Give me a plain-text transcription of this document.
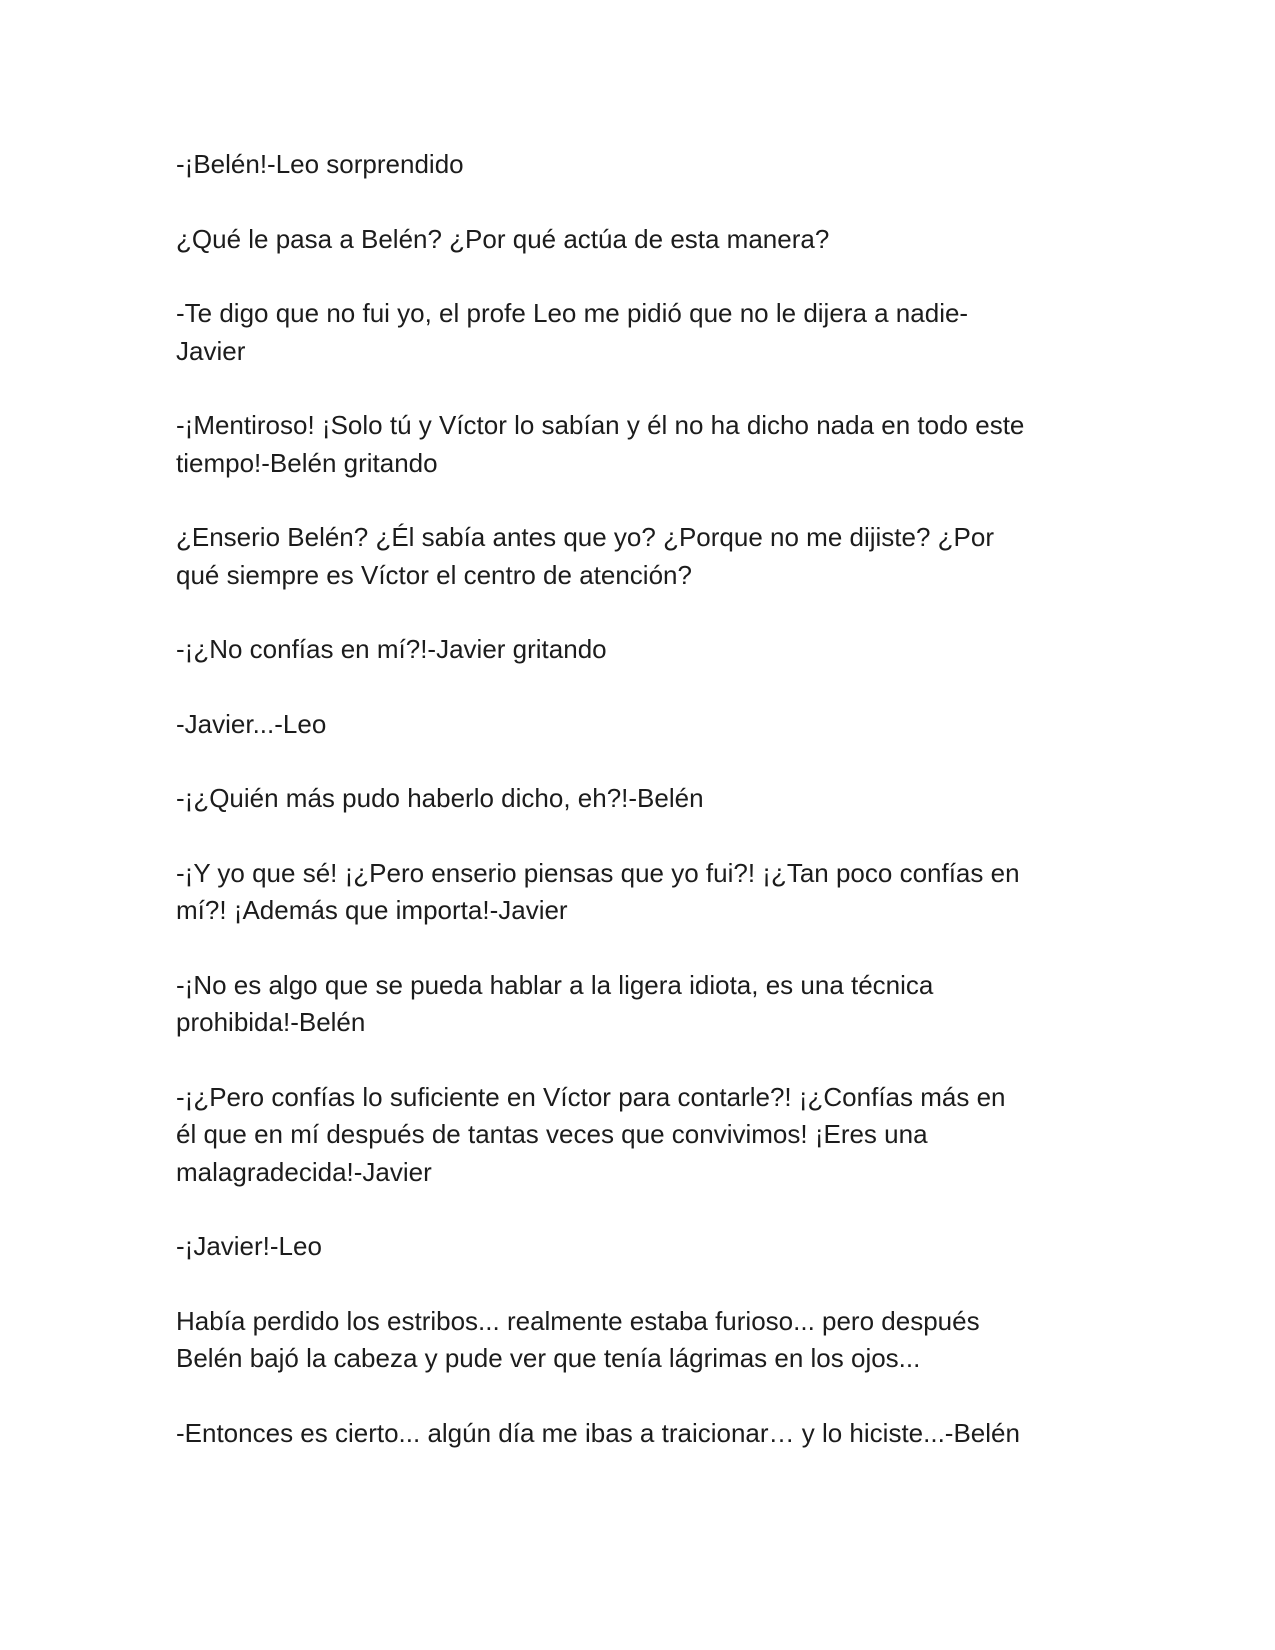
-¡Belén!-Leo sorprendido

¿Qué le pasa a Belén? ¿Por qué actúa de esta manera?

-Te digo que no fui yo, el profe Leo me pidió que no le dijera a nadie-
Javier

-¡Mentiroso! ¡Solo tú y Víctor lo sabían y él no ha dicho nada en todo este
tiempo!-Belén gritando

¿Enserio Belén? ¿Él sabía antes que yo? ¿Porque no me dijiste? ¿Por
qué siempre es Víctor el centro de atención?

-¡¿No confías en mí?!-Javier gritando

-Javier...-Leo

-¡¿Quién más pudo haberlo dicho, eh?!-Belén

-¡Y yo que sé! ¡¿Pero enserio piensas que yo fui?! ¡¿Tan poco confías en
mí?! ¡Además que importa!-Javier

-¡No es algo que se pueda hablar a la ligera idiota, es una técnica
prohibida!-Belén

-¡¿Pero confías lo suficiente en Víctor para contarle?! ¡¿Confías más en
él que en mí después de tantas veces que convivimos! ¡Eres una
malagradecida!-Javier

-¡Javier!-Leo

Había perdido los estribos... realmente estaba furioso... pero después
Belén bajó la cabeza y pude ver que tenía lágrimas en los ojos...

-Entonces es cierto... algún día me ibas a traicionar… y lo hiciste...-Belén
